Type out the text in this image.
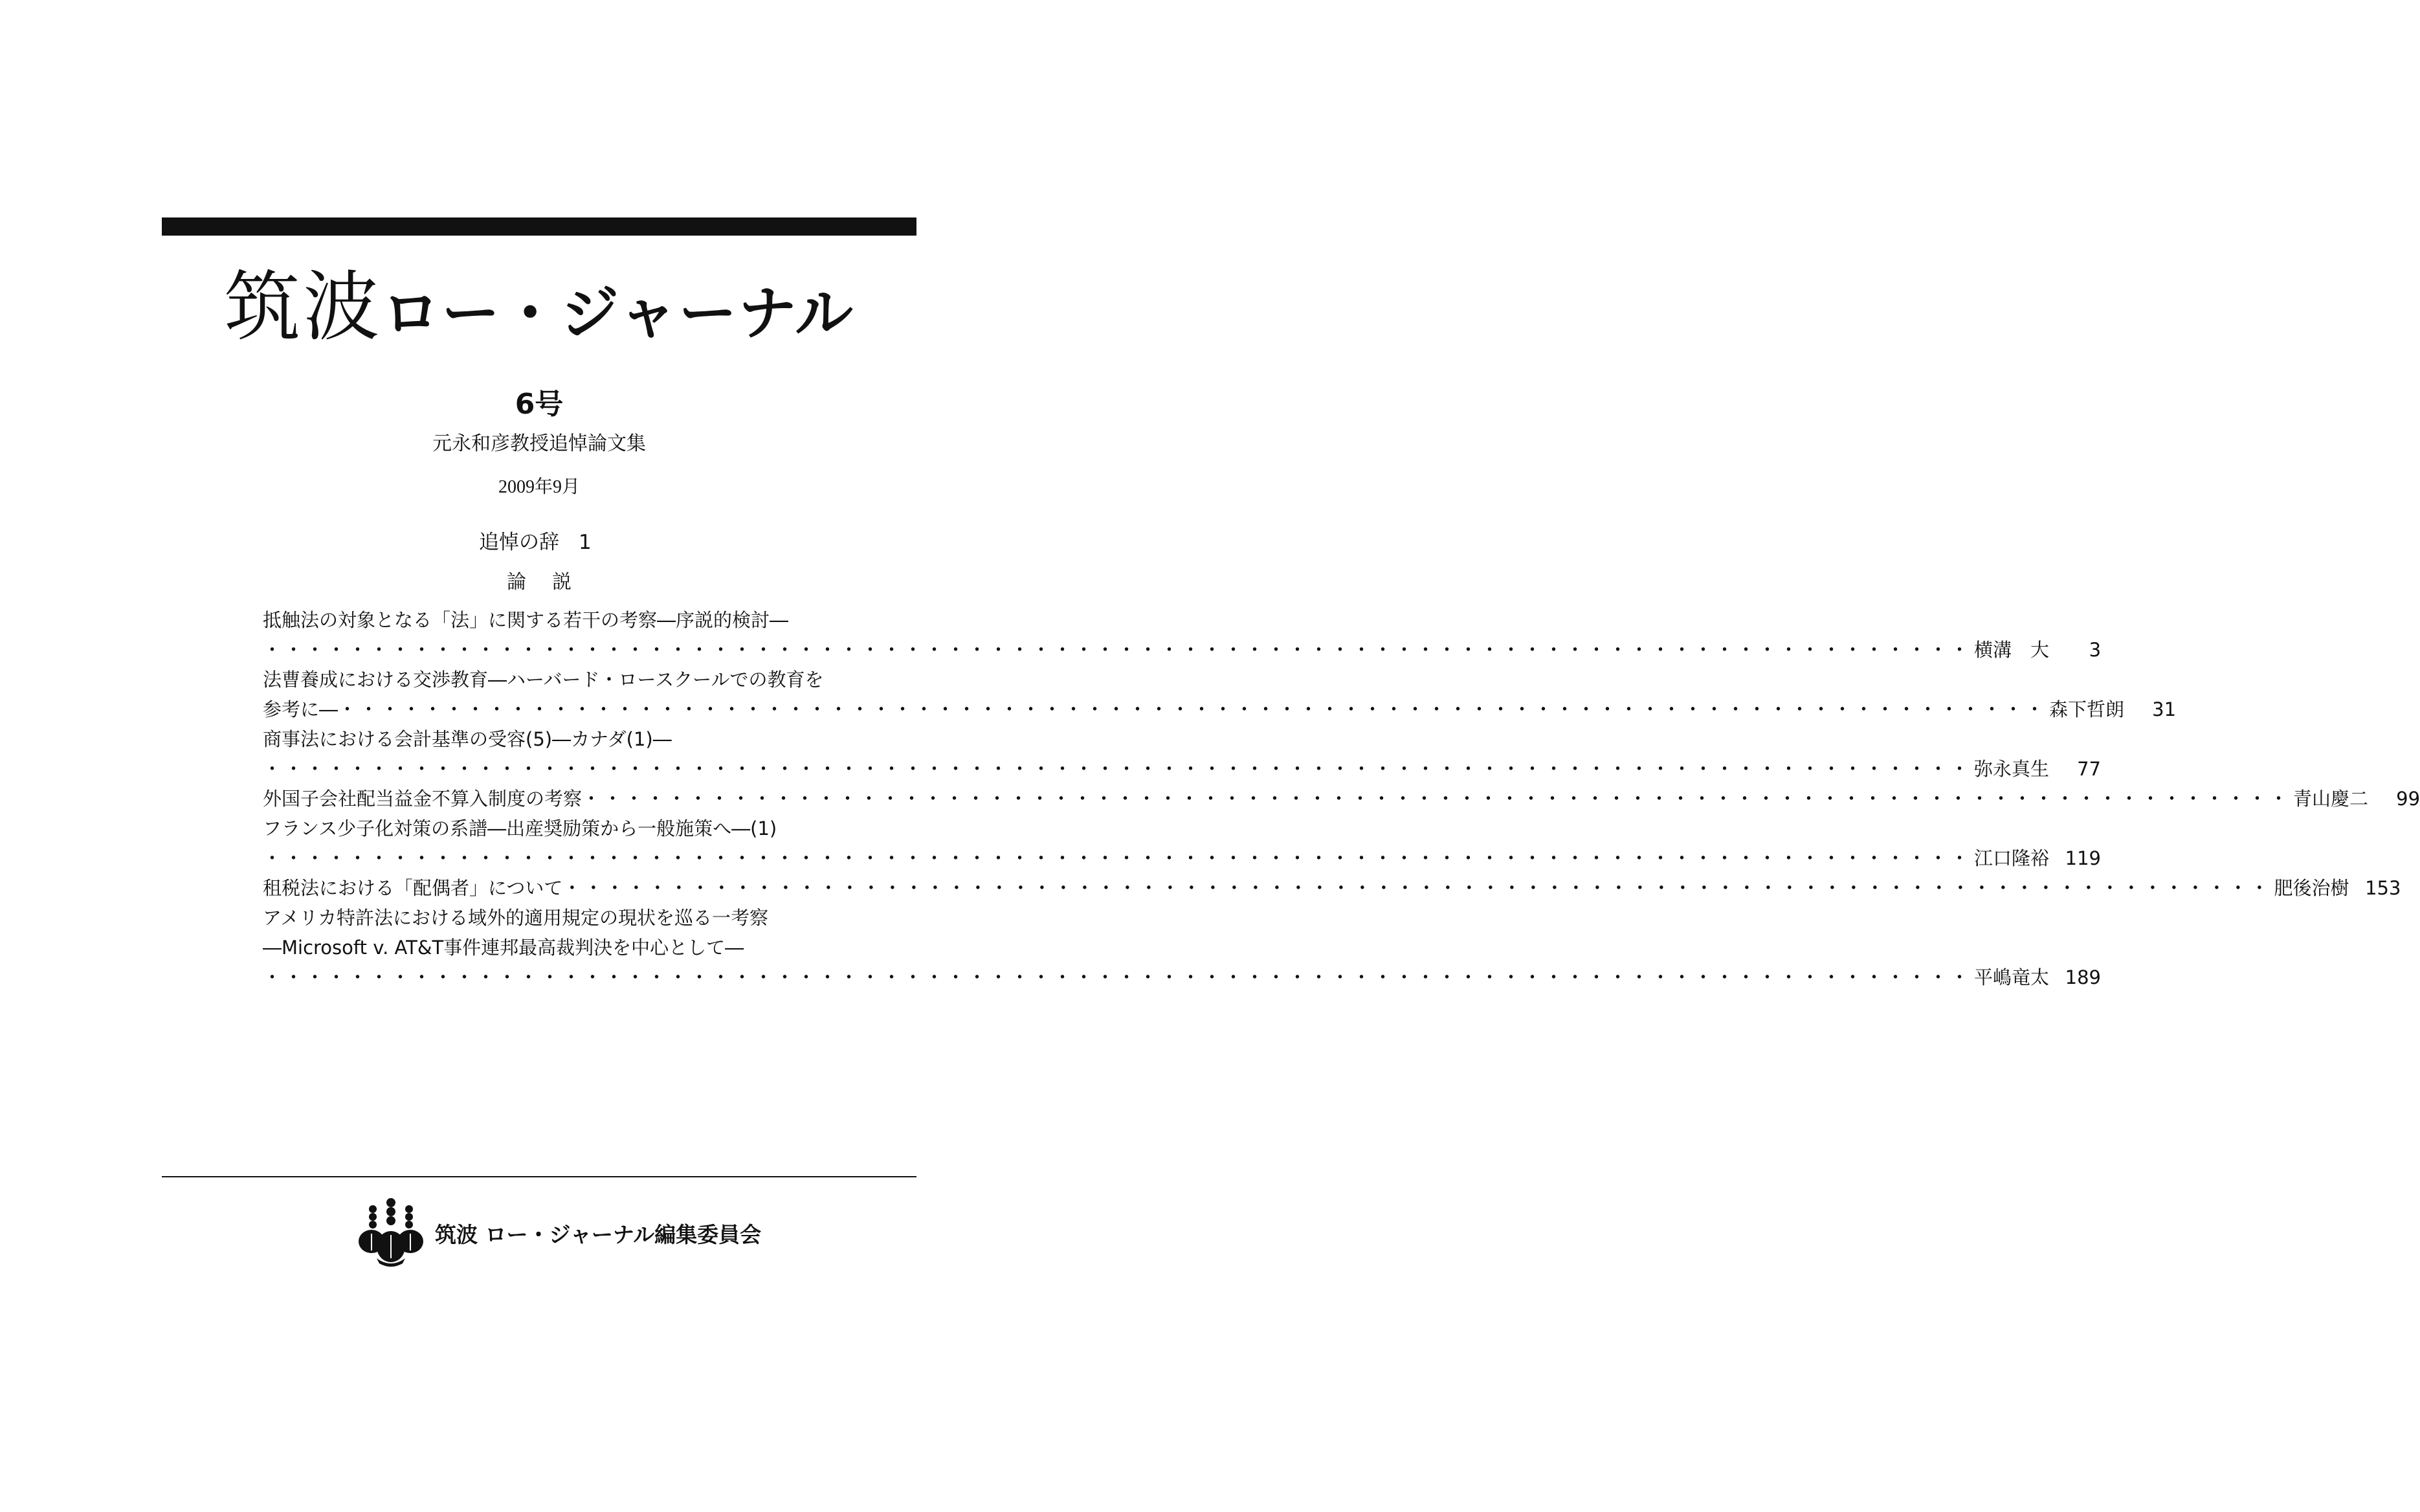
筑波ロー・ジャーナル
6号
元永和彦教授追悼論文集
2009年9月
追悼の辞 1
論説
抵触法の対象となる「法」に関する若干の考察―序説的検討―
・・・・・・・・・・・・・・・・・・・・・・・・・・・・・・・・・・・・・・・・・・・・・・・・・・・・・・・・・・・・・・・・・・・・・・・・・・・・・・・・ 横溝　大	3
法曹養成における交渉教育―ハーバード・ロースクールでの教育を
参考に― ・・・・・・・・・・・・・・・・・・・・・・・・・・・・・・・・・・・・・・・・・・・・・・・・・・・・・・・・・・・・・・・・・・・・・・・・・・・・・・・・ 森下哲朗	31
商事法における会計基準の受容(5)―カナダ(1)―
・・・・・・・・・・・・・・・・・・・・・・・・・・・・・・・・・・・・・・・・・・・・・・・・・・・・・・・・・・・・・・・・・・・・・・・・・・・・・・・・ 弥永真生	77
外国子会社配当益金不算入制度の考察 ・・・・・・・・・・・・・・・・・・・・・・・・・・・・・・・・・・・・・・・・・・・・・・・・・・・・・・・・・・・・・・・・・・・・・・・・・・・・・・・・ 青山慶二	99
フランス少子化対策の系譜―出産奨励策から一般施策へ―(1)
・・・・・・・・・・・・・・・・・・・・・・・・・・・・・・・・・・・・・・・・・・・・・・・・・・・・・・・・・・・・・・・・・・・・・・・・・・・・・・・・ 江口隆裕 119
租税法における「配偶者」について ・・・・・・・・・・・・・・・・・・・・・・・・・・・・・・・・・・・・・・・・・・・・・・・・・・・・・・・・・・・・・・・・・・・・・・・・・・・・・・・・ 肥後治樹 153
アメリカ特許法における域外的適用規定の現状を巡る一考察
―Microsoft v. AT&T事件連邦最高裁判決を中心として―
・・・・・・・・・・・・・・・・・・・・・・・・・・・・・・・・・・・・・・・・・・・・・・・・・・・・・・・・・・・・・・・・・・・・・・・・・・・・・・・・ 平嶋竜太 189
筑波 ロー・ジャーナル編集委員会
